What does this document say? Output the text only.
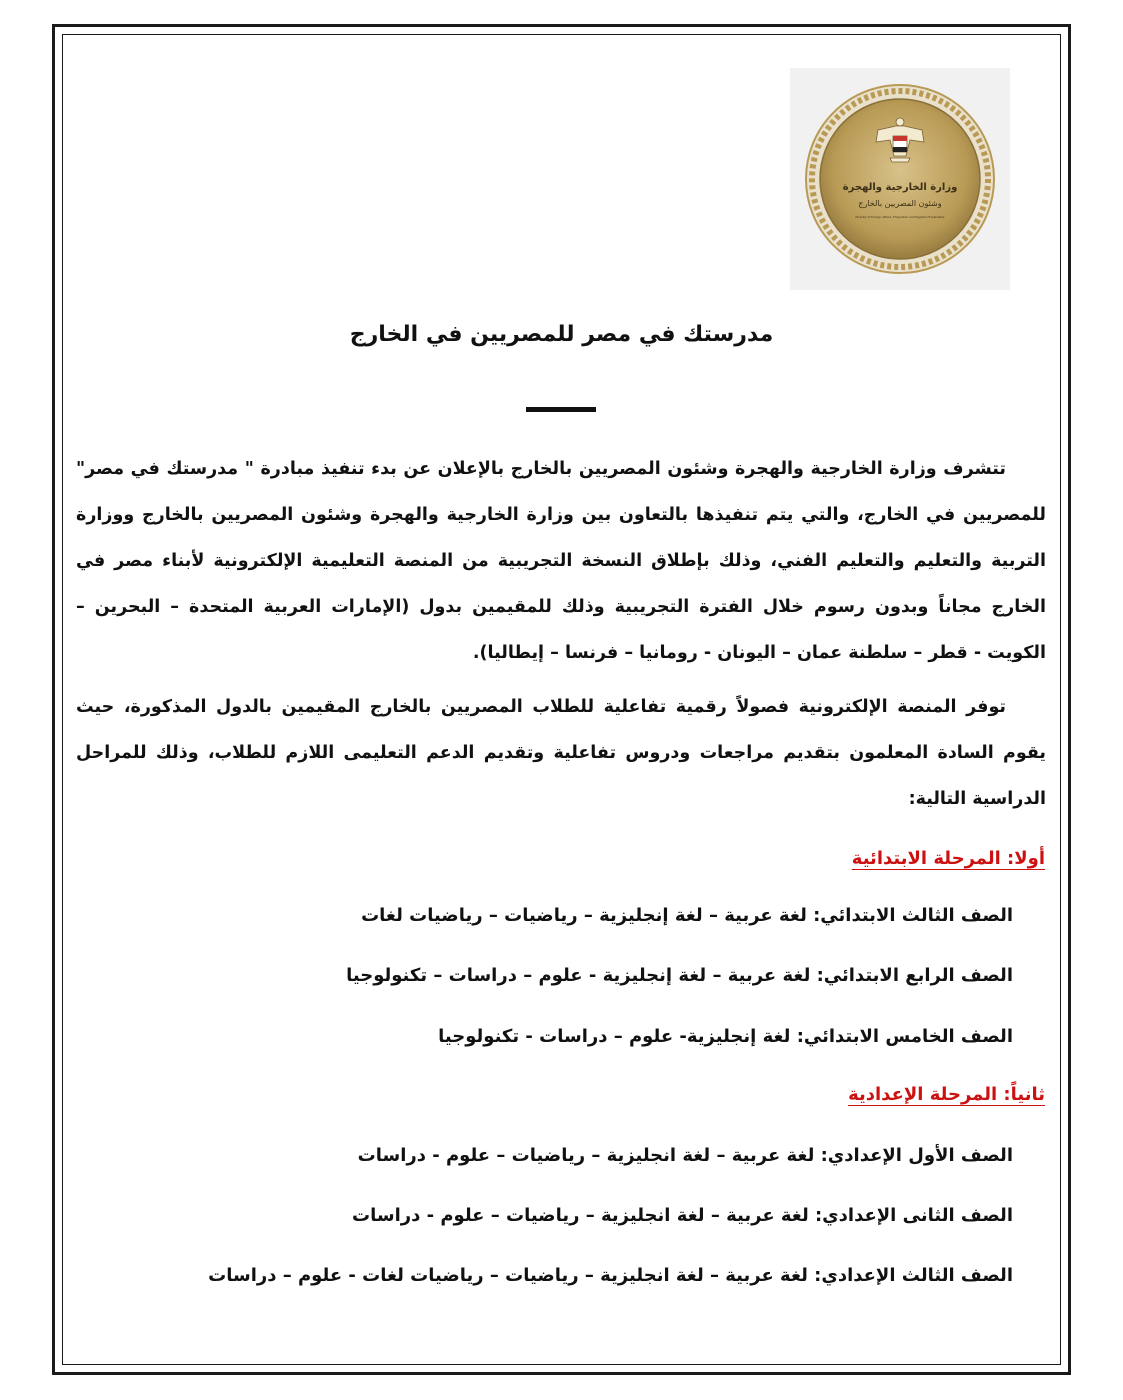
وزارة الخارجية والهجرة
وشئون المصريين بالخارج
Ministry of Foreign Affairs, Emigration and Egyptian Expatriates
مدرستك في مصر للمصريين في الخارج

تتشرف وزارة الخارجية والهجرة وشئون المصريين بالخارج بالإعلان عن بدء تنفيذ مبادرة " مدرستك في مصر" للمصريين في الخارج، والتي يتم تنفيذها بالتعاون بين وزارة الخارجية والهجرة وشئون المصريين بالخارج ووزارة التربية والتعليم والتعليم الفني، وذلك بإطلاق النسخة التجريبية من المنصة التعليمية الإلكترونية لأبناء مصر في الخارج مجاناً وبدون رسوم خلال الفترة التجريبية وذلك للمقيمين بدول (الإمارات العربية المتحدة – البحرين – الكويت - قطر – سلطنة عمان – اليونان - رومانيا – فرنسا – إيطاليا).

توفر المنصة الإلكترونية فصولاً رقمية تفاعلية للطلاب المصريين بالخارج المقيمين بالدول المذكورة، حيث يقوم السادة المعلمون بتقديم مراجعات ودروس تفاعلية وتقديم الدعم التعليمى اللازم للطلاب، وذلك للمراحل الدراسية التالية:

أولا: المرحلة الابتدائية
الصف الثالث الابتدائي: لغة عربية – لغة إنجليزية – رياضيات – رياضيات لغات
الصف الرابع الابتدائي: لغة عربية – لغة إنجليزية - علوم – دراسات – تكنولوجيا
الصف الخامس الابتدائي: لغة إنجليزية- علوم – دراسات - تكنولوجيا
ثانياً: المرحلة الإعدادية
الصف الأول الإعدادي: لغة عربية – لغة انجليزية – رياضيات – علوم - دراسات
الصف الثانى الإعدادي: لغة عربية – لغة انجليزية – رياضيات – علوم - دراسات
الصف الثالث الإعدادي: لغة عربية – لغة انجليزية – رياضيات – رياضيات لغات - علوم – دراسات
